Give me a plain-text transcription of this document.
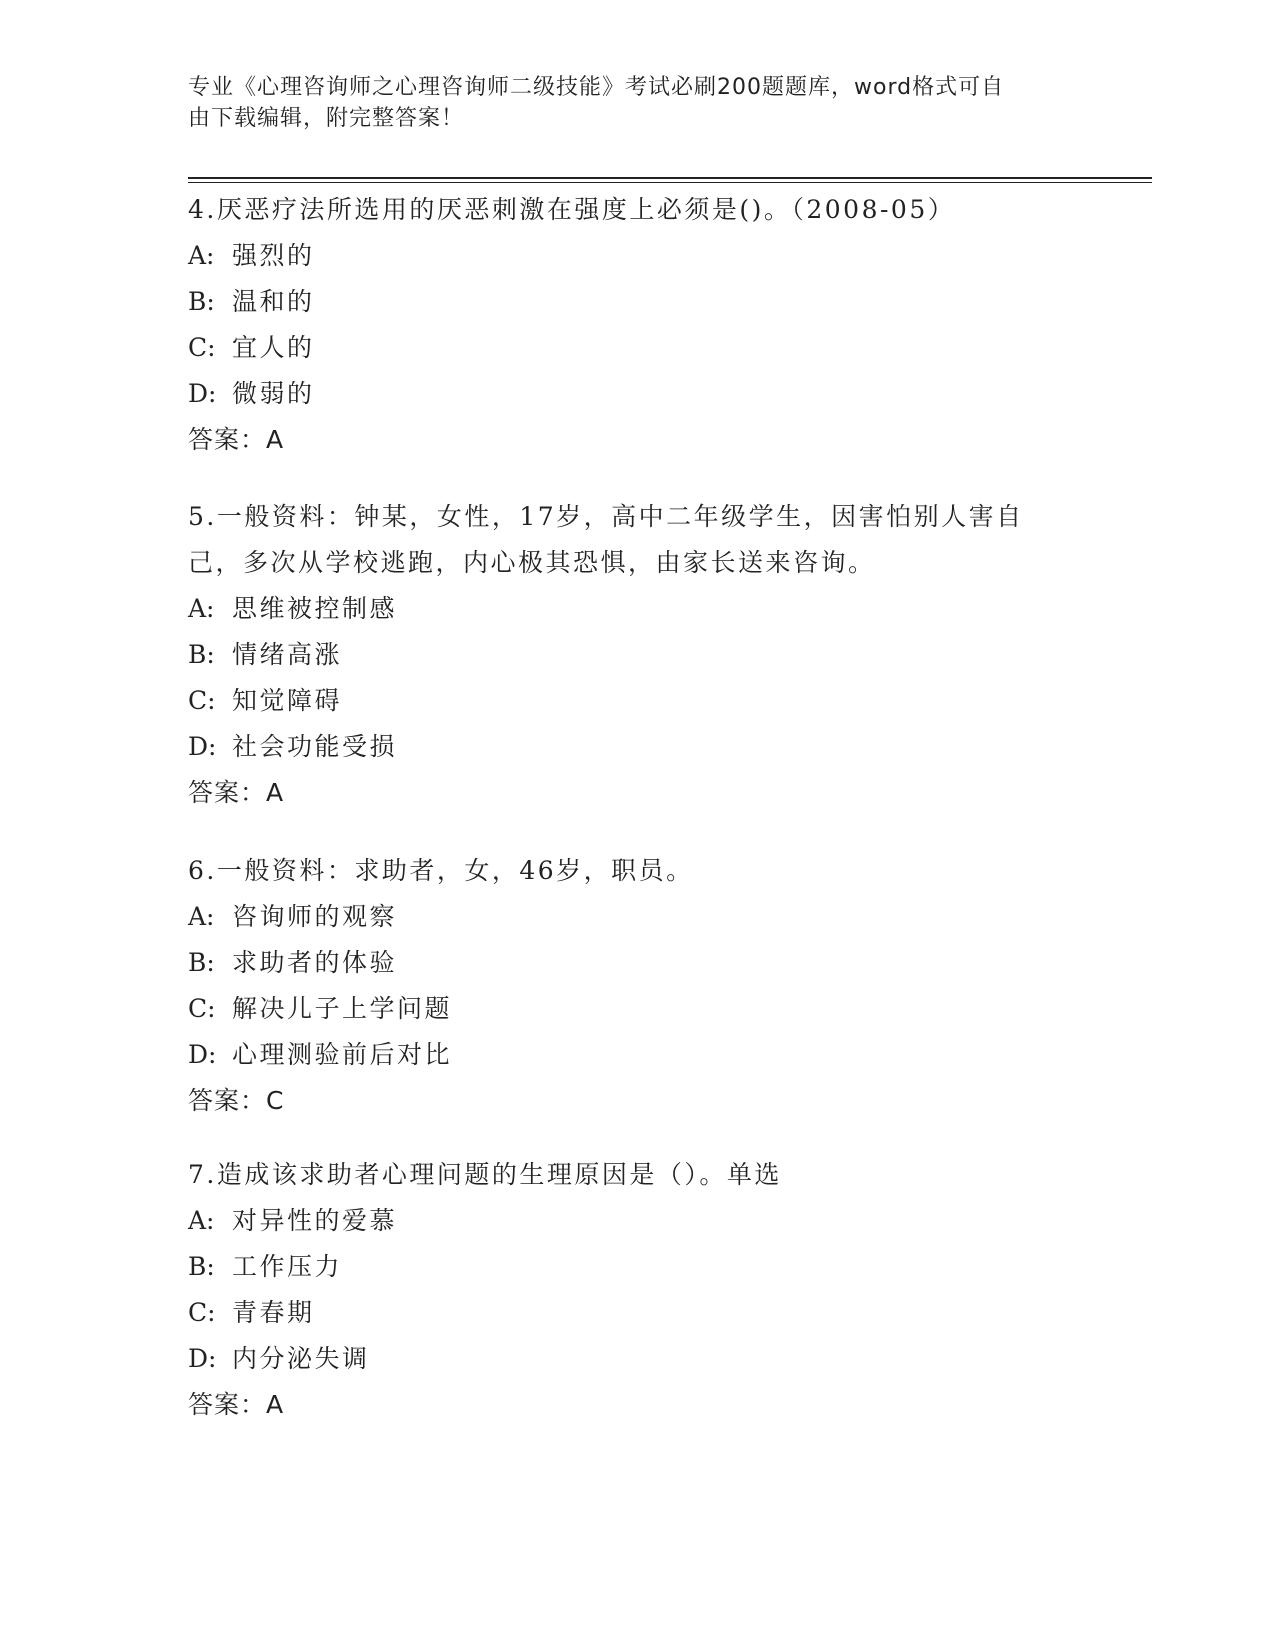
专业《心理咨询师之心理咨询师二级技能》考试必刷200题题库，word格式可自
由下载编辑，附完整答案！

4.厌恶疗法所选用的厌恶刺激在强度上必须是()。（2008-05）

A: 强烈的

B: 温和的

C: 宜人的

D: 微弱的

答案：A

5.一般资料：钟某，女性，17岁，高中二年级学生，因害怕别人害自

己，多次从学校逃跑，内心极其恐惧，由家长送来咨询。

A: 思维被控制感

B: 情绪高涨

C: 知觉障碍

D: 社会功能受损

答案：A

6.一般资料：求助者，女，46岁，职员。

A: 咨询师的观察

B: 求助者的体验

C: 解决儿子上学问题

D: 心理测验前后对比

答案：C

7.造成该求助者心理问题的生理原因是（）。单选

A: 对异性的爱慕

B: 工作压力

C: 青春期

D: 内分泌失调

答案：A
